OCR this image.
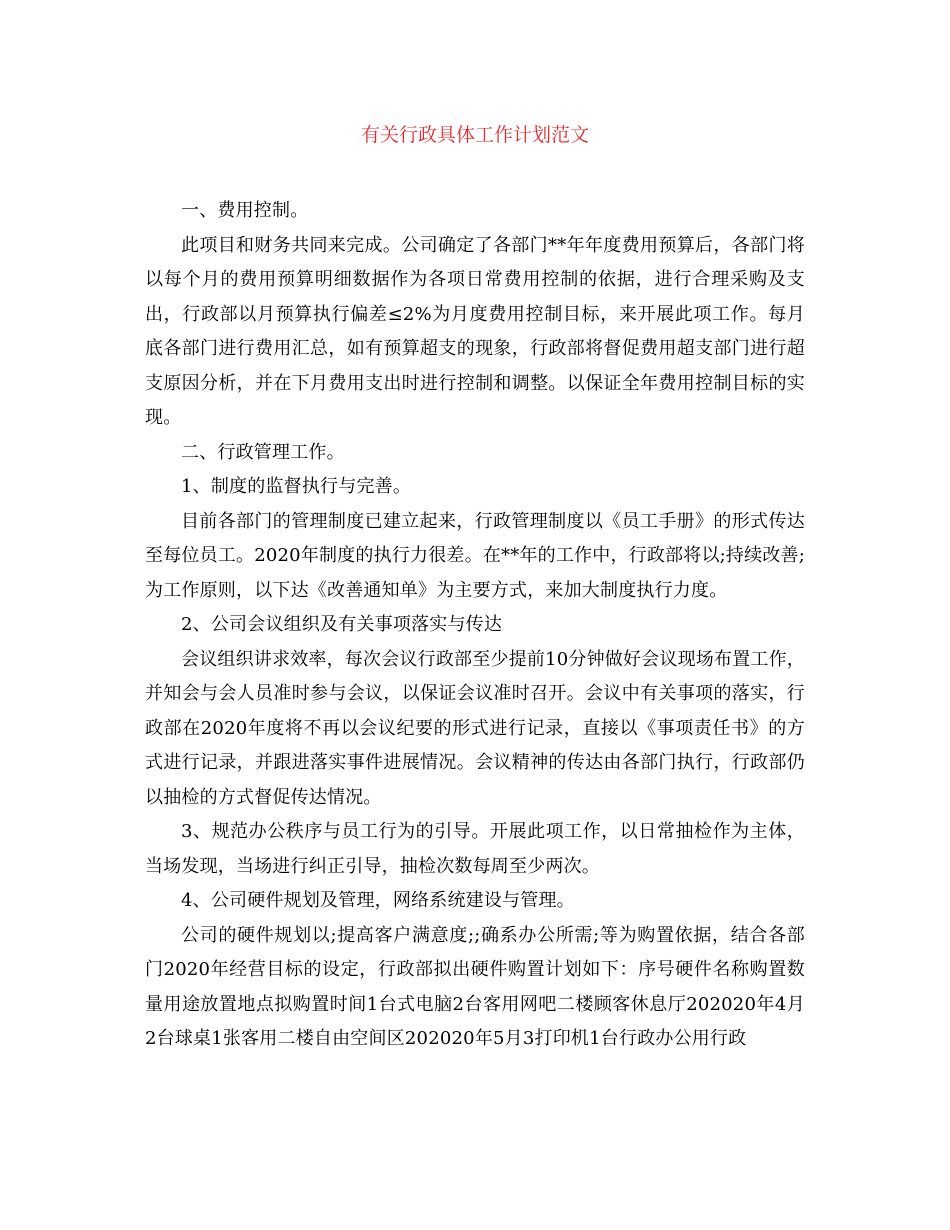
有关行政具体工作计划范文

一、费用控制。

此项目和财务共同来完成。公司确定了各部门**年年度费用预算后，各部门将以每个月的费用预算明细数据作为各项日常费用控制的依据，进行合理采购及支出，行政部以月预算执行偏差≤2%为月度费用控制目标，来开展此项工作。每月底各部门进行费用汇总，如有预算超支的现象，行政部将督促费用超支部门进行超支原因分析，并在下月费用支出时进行控制和调整。以保证全年费用控制目标的实现。

二、行政管理工作。

1、制度的监督执行与完善。

目前各部门的管理制度已建立起来，行政管理制度以《员工手册》的形式传达至每位员工。2020年制度的执行力很差。在**年的工作中，行政部将以;持续改善;为工作原则，以下达《改善通知单》为主要方式，来加大制度执行力度。

2、公司会议组织及有关事项落实与传达

会议组织讲求效率，每次会议行政部至少提前10分钟做好会议现场布置工作，并知会与会人员准时参与会议，以保证会议准时召开。会议中有关事项的落实，行政部在2020年度将不再以会议纪要的形式进行记录，直接以《事项责任书》的方式进行记录，并跟进落实事件进展情况。会议精神的传达由各部门执行，行政部仍以抽检的方式督促传达情况。

3、规范办公秩序与员工行为的引导。开展此项工作，以日常抽检作为主体，当场发现，当场进行纠正引导，抽检次数每周至少两次。

4、公司硬件规划及管理，网络系统建设与管理。

公司的硬件规划以;提高客户满意度;;确系办公所需;等为购置依据，结合各部门2020年经营目标的设定，行政部拟出硬件购置计划如下：序号硬件名称购置数量用途放置地点拟购置时间1台式电脑2台客用网吧二楼顾客休息厅202020年4月2台球桌1张客用二楼自由空间区202020年5月3打印机1台行政办公用行政
